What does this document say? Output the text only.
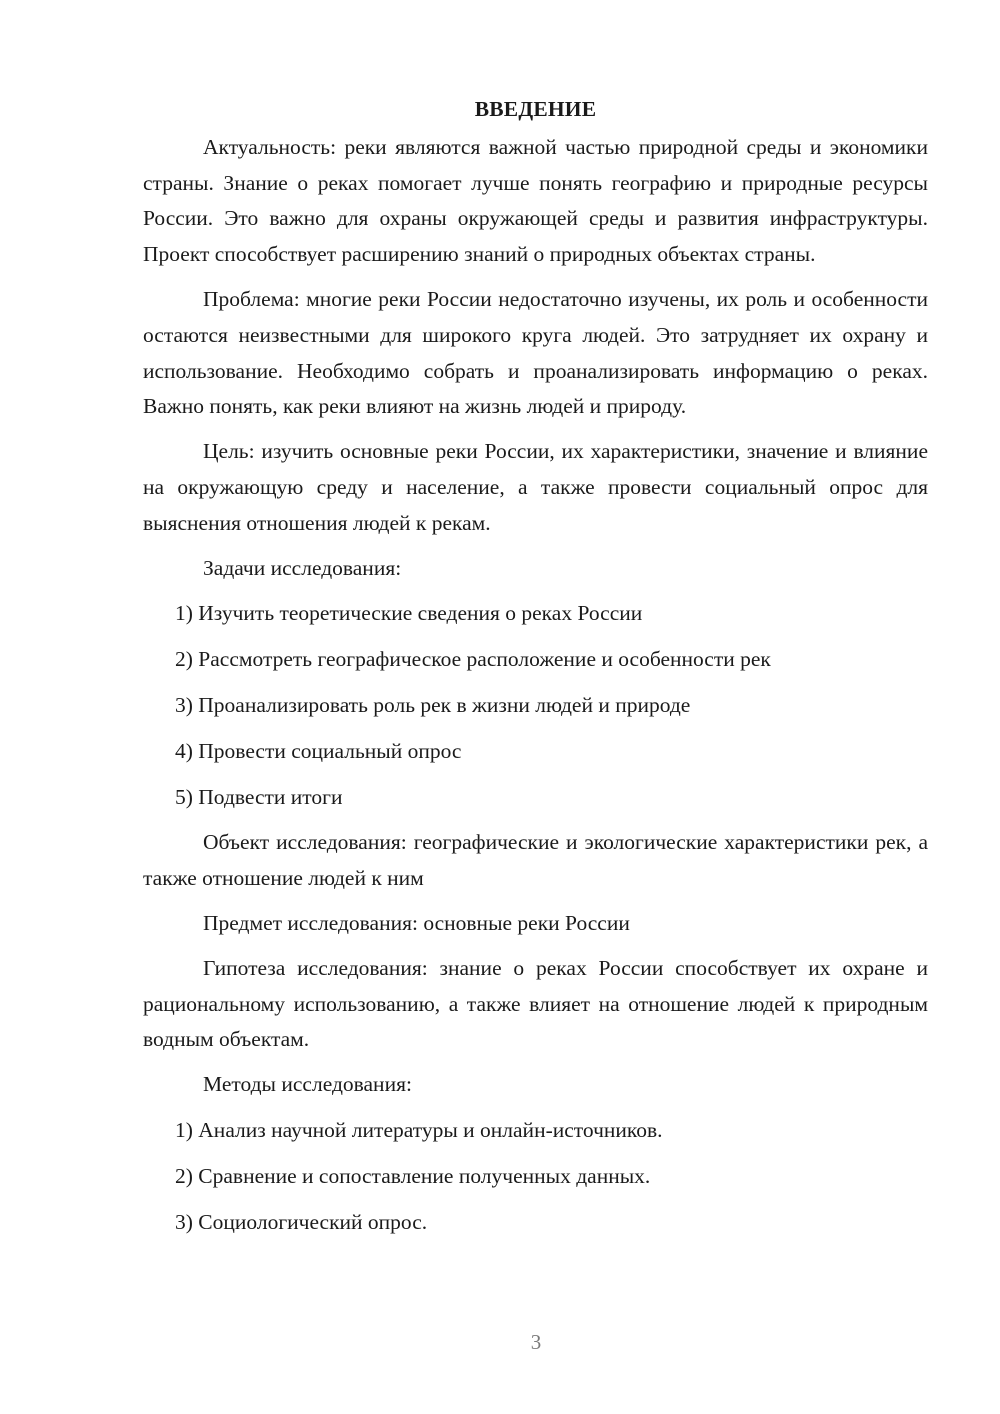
ВВЕДЕНИЕ

Актуальность: реки являются важной частью природной среды и экономики страны. Знание о реках помогает лучше понять географию и природные ресурсы России. Это важно для охраны окружающей среды и развития инфраструктуры. Проект способствует расширению знаний о природных объектах страны.

Проблема: многие реки России недостаточно изучены, их роль и особенности остаются неизвестными для широкого круга людей. Это затрудняет их охрану и использование. Необходимо собрать и проанализировать информацию о реках. Важно понять, как реки влияют на жизнь людей и природу.

Цель: изучить основные реки России, их характеристики, значение и влияние на окружающую среду и население, а также провести социальный опрос для выяснения отношения людей к рекам.

Задачи исследования:
1) Изучить теоретические сведения о реках России
2) Рассмотреть географическое расположение и особенности рек
3) Проанализировать роль рек в жизни людей и природе
4) Провести социальный опрос
5) Подвести итоги

Объект исследования: географические и экологические характеристики рек, а также отношение людей к ним

Предмет исследования: основные реки России

Гипотеза исследования: знание о реках России способствует их охране и рациональному использованию, а также влияет на отношение людей к природным водным объектам.

Методы исследования:
1) Анализ научной литературы и онлайн-источников.
2) Сравнение и сопоставление полученных данных.
3) Социологический опрос.
3
